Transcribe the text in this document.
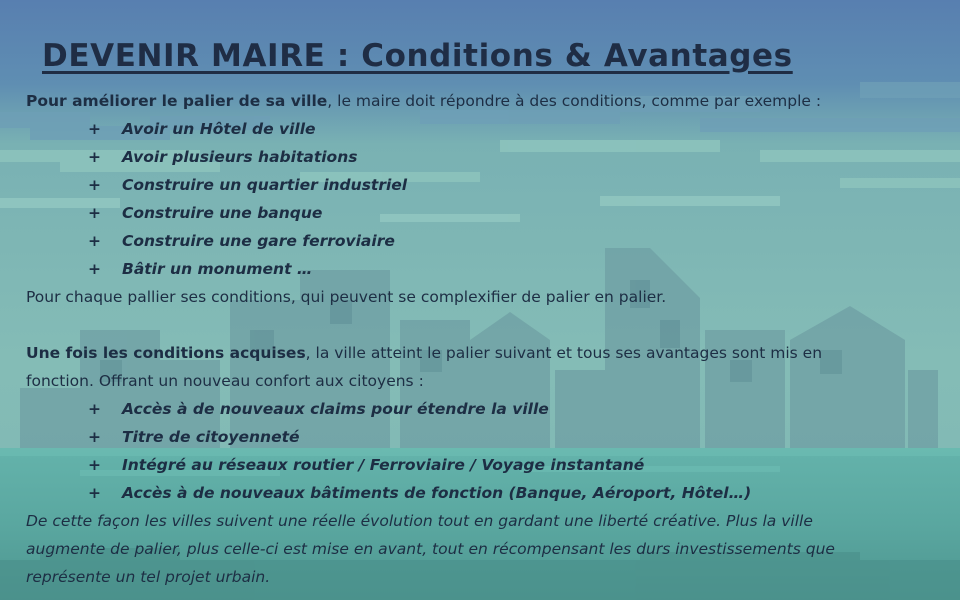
DEVENIR MAIRE : Conditions & Avantages

Pour améliorer le palier de sa ville, le maire doit répondre à des conditions, comme par exemple :

+ Avoir un Hôtel de ville

+ Avoir plusieurs habitations

+ Construire un quartier industriel

+ Construire une banque

+ Construire une gare ferroviaire

+ Bâtir un monument …

Pour chaque pallier ses conditions, qui peuvent se complexifier de palier en palier.

Une fois les conditions acquises, la ville atteint le palier suivant et tous ses avantages sont mis en

fonction. Offrant un nouveau confort aux citoyens :

+ Accès à de nouveaux claims pour étendre la ville

+ Titre de citoyenneté

+ Intégré au réseaux routier / Ferroviaire / Voyage instantané

+ Accès à de nouveaux bâtiments de fonction (Banque, Aéroport, Hôtel…)

De cette façon les villes suivent une réelle évolution tout en gardant une liberté créative. Plus la ville

augmente de palier, plus celle-ci est mise en avant, tout en récompensant les durs investissements que

représente un tel projet urbain.
